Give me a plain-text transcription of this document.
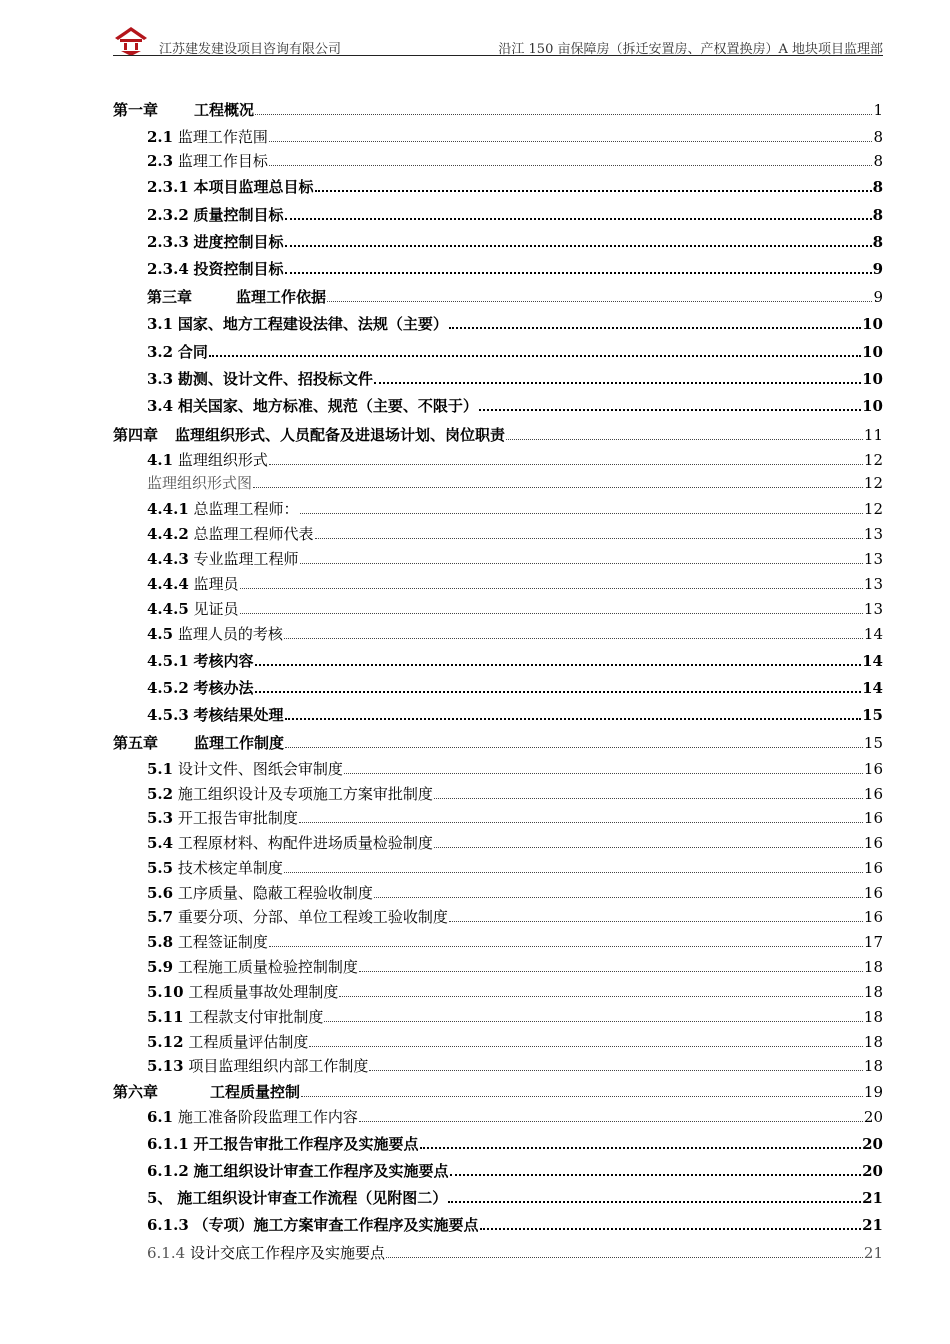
江苏建发建设项目咨询有限公司	沿江 150 亩保障房（拆迁安置房、产权置换房）A 地块项目监理部
第一章 工程概况	1
2.1 监理工作范围	8
2.3 监理工作目标	8
2.3.1 本项目监理总目标	8
2.3.2 质量控制目标	8
2.3.3 进度控制目标	8
2.3.4 投资控制目标	9
第三章	监理工作依据	9
3.1 国家、地方工程建设法律、法规（主要）	10
3.2 合同	10
3.3 勘测、设计文件、招投标文件	10
3.4 相关国家、地方标准、规范（主要、不限于）	10
第四章 监理组织形式、人员配备及进退场计划、岗位职责	11
4.1 监理组织形式	12
监理组织形式图	12
4.4.1 总监理工程师：	12
4.4.2 总监理工程师代表	13
4.4.3 专业监理工程师	13
4.4.4 监理员	13
4.4.5 见证员	13
4.5 监理人员的考核	14
4.5.1 考核内容	14
4.5.2 考核办法	14
4.5.3 考核结果处理	15
第五章 监理工作制度	15
5.1 设计文件、图纸会审制度	16
5.2 施工组织设计及专项施工方案审批制度	16
5.3 开工报告审批制度	16
5.4 工程原材料、构配件进场质量检验制度	16
5.5 技术核定单制度	16
5.6 工序质量、隐蔽工程验收制度	16
5.7 重要分项、分部、单位工程竣工验收制度	16
5.8 工程签证制度	17
5.9 工程施工质量检验控制制度	18
5.10 工程质量事故处理制度	18
5.11 工程款支付审批制度	18
5.12 工程质量评估制度	18
5.13 项目监理组织内部工作制度	18
第六章	工程质量控制	19
6.1 施工准备阶段监理工作内容	20
6.1.1 开工报告审批工作程序及实施要点	20
6.1.2 施工组织设计审查工作程序及实施要点	20
5、 施工组织设计审查工作流程（见附图二）	21
6.1.3 （专项）施工方案审查工作程序及实施要点	21
6.1.4 设计交底工作程序及实施要点	21
